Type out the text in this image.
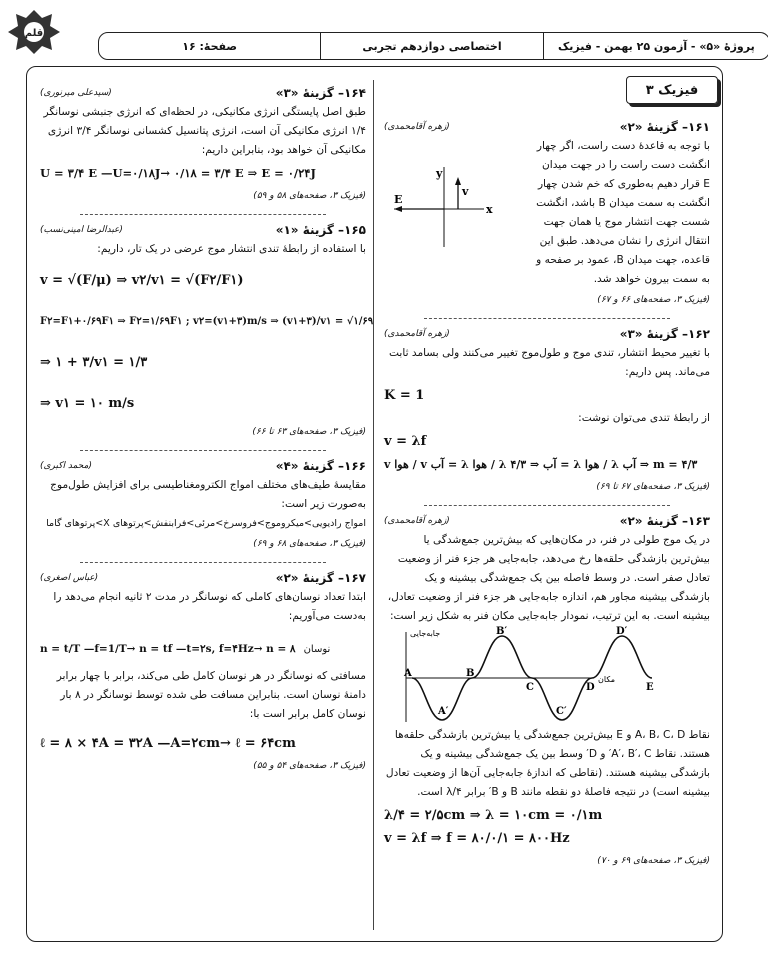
قلم
پروژهٔ «۵» - آزمون ۲۵ بهمن - فیزیک
اختصاصی دوازدهم تجربی
صفحهٔ: ۱۶
فیزیک ۳
۱۶۱– گزینهٔ «۲»
(زهره آقامحمدی)

با توجه به قاعدهٔ دست راست، اگر چهار انگشت دست راست را در جهت میدان E قرار دهیم به‌طوری که خم شدن چهار انگشت به سمت میدان B باشد، انگشت شست جهت انتشار موج یا همان جهت انتقال انرژی را نشان می‌دهد. طبق این قاعده، جهت میدان B، عمود بر صفحه و به سمت بیرون خواهد شد.

y
x
v
E

(فیزیک ۳، صفحه‌های ۶۶ و ۶۷)

۱۶۲– گزینهٔ «۳»
(زهره آقامحمدی)

با تغییر محیط انتشار، تندی موج و طول‌موج تغییر می‌کنند ولی بسامد ثابت می‌ماند. پس داریم:

K = 1

از رابطهٔ تندی می‌توان نوشت:

v = λf
v هوا / v آب = λ هوا / λ آب ⇒ ۴/۳ = λ هوا / λ آب ⇒ m = ۴/۳

(فیزیک ۳، صفحه‌های ۶۷ تا ۶۹)

۱۶۳– گزینهٔ «۲»
(زهره آقامحمدی)

در یک موج طولی در فنر، در مکان‌هایی که بیش‌ترین جمع‌شدگی یا بیش‌ترین بازشدگی حلقه‌ها رخ می‌دهد، جابه‌جایی هر جزء فنر از وضعیت تعادل صفر است. در وسط فاصله بین یک جمع‌شدگی بیشینه و یک بازشدگی بیشینه مجاور هم، اندازه جابه‌جایی هر جزء فنر از وضعیت تعادل، بیشینه است. به این ترتیب، نمودار جابه‌جایی مکان فنر به شکل زیر است:

A	B
C	D	E
A′
B′
C′
D′
جابه‌جایی
مکان

نقاط A، B، C، D و E بیش‌ترین جمع‌شدگی یا بیش‌ترین بازشدگی حلقه‌ها هستند. نقاط A′، B′، C′ و D′ وسط بین یک جمع‌شدگی بیشینه و یک بازشدگی بیشینه هستند. (نقاطی که اندازهٔ جابه‌جایی آن‌ها از وضعیت تعادل بیشینه است) در نتیجه فاصلهٔ دو نقطه مانند B و B′ برابر λ/۴ است.

λ/۴ = ۲/۵cm ⇒ λ = ۱۰cm = ۰/۱m
v = λf ⇒ f = ۸۰/۰/۱ = ۸۰۰Hz

(فیزیک ۳، صفحه‌های ۶۹ و ۷۰)

۱۶۴– گزینهٔ «۳»
(سیدعلی میرنوری)

طبق اصل پایستگی انرژی مکانیکی، در لحظه‌ای که انرژی جنبشی نوسانگر ۱/۴ انرژی مکانیکی آن است، انرژی پتانسیل کشسانی نوسانگر ۳/۴ انرژی مکانیکی آن خواهد بود، بنابراین داریم:

U = ۳/۴ E —U=۰/۱۸J→ ۰/۱۸ = ۳/۴ E ⇒ E = ۰/۲۴J

(فیزیک ۳، صفحه‌های ۵۸ و ۵۹)

۱۶۵– گزینهٔ «۱»
(عبدالرضا امینی‌نسب)

با استفاده از رابطهٔ تندی انتشار موج عرضی در یک تار، داریم:

v = √(F/μ) ⇒ v۲/v۱ = √(F۲/F۱)
F۲=F۱+۰/۶۹F۱ ⇒ F۲=۱/۶۹F۱ ; v۲=(v۱+۳)m/s ⇒ (v۱+۳)/v۱ = √۱/۶۹
⇒ ۱ + ۳/v۱ = ۱/۳
⇒ v۱ = ۱۰ m/s

(فیزیک ۳، صفحه‌های ۶۳ تا ۶۶)

۱۶۶– گزینهٔ «۴»
(محمد اکبری)

مقایسهٔ طیف‌های مختلف امواج الکترومغناطیسی برای افزایش طول‌موج به‌صورت زیر است:

امواج رادیویی>میکروموج>فروسرخ>مرئی>فرابنفش>پرتوهای X>پرتوهای گاما

(فیزیک ۳، صفحه‌های ۶۸ و ۶۹)

۱۶۷– گزینهٔ «۲»
(عباس اصغری)

ابتدا تعداد نوسان‌های کاملی که نوسانگر در مدت ۲ ثانیه انجام می‌دهد را به‌دست می‌آوریم:

n = t/T —f=1/T→ n = tf —t=۲s, f=۴Hz→ n = ۸ نوسان

مسافتی که نوسانگر در هر نوسان کامل طی می‌کند، برابر با چهار برابر دامنهٔ نوسان است. بنابراین مسافت طی شده توسط نوسانگر در ۸ بار نوسان کامل برابر است با:

ℓ = ۸ × ۴A = ۳۲A —A=۲cm→ ℓ = ۶۴cm

(فیزیک ۳، صفحه‌های ۵۴ و ۵۵)
